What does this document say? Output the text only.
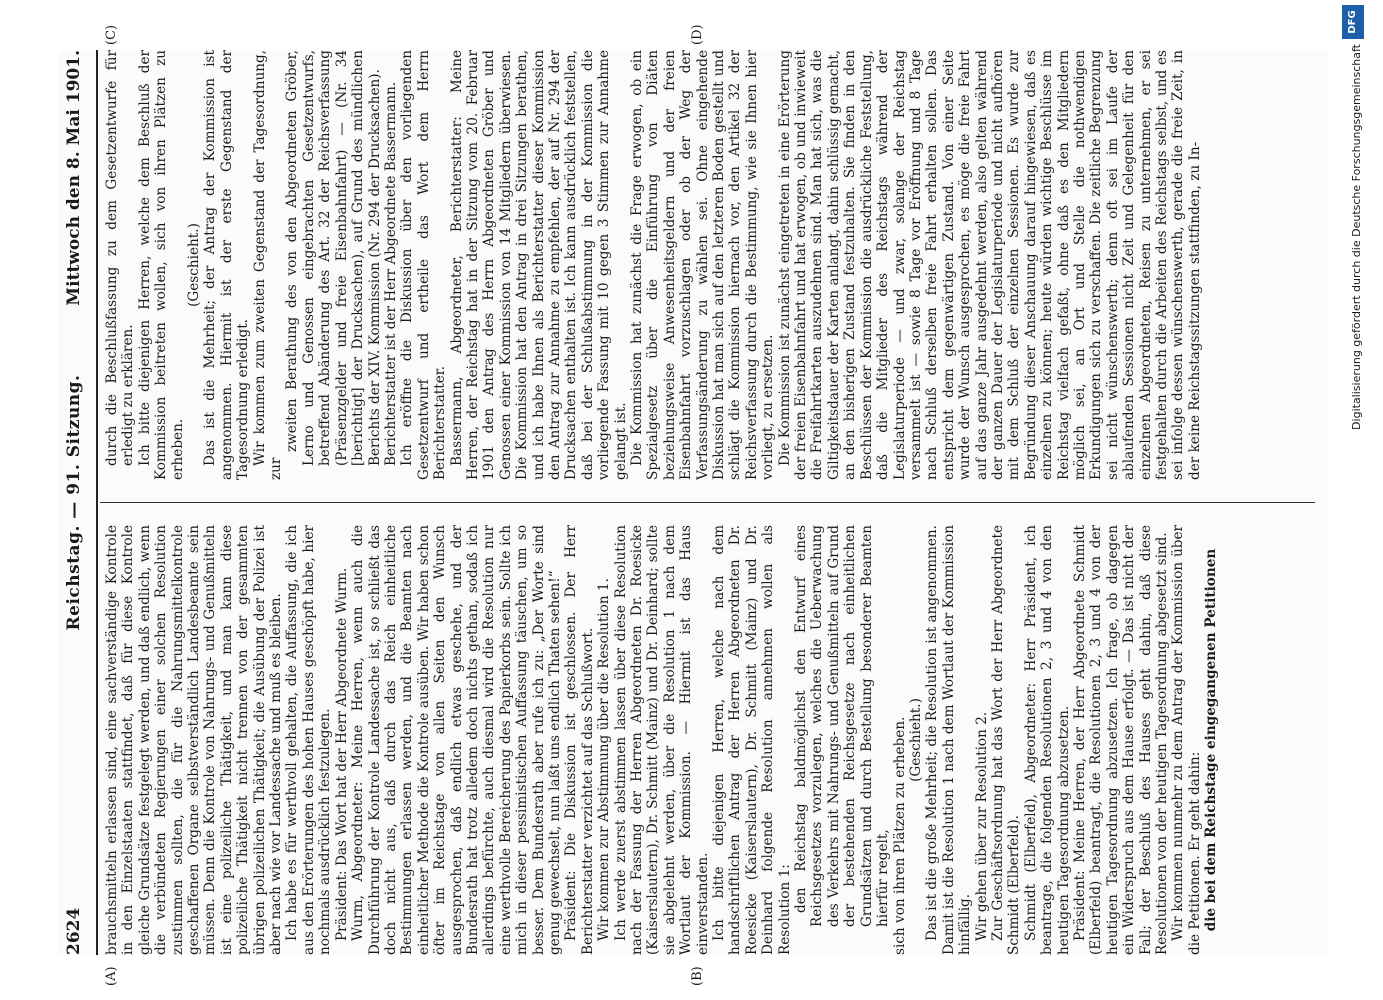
2624
Reichstag. — 91. Sitzung.
Mittwoch den 8. Mai 1901.

brauchsmitteln erlassen sind, eine sachverständige Kontrole in den Einzelstaaten stattfindet, daß für diese Kontrole gleiche Grundsätze festgelegt werden, und daß endlich, wenn die verbündeten Regierungen einer solchen Resolution zustimmen sollten, die für die Nahrungsmittelkontrole geschaffenen Organe selbstverständlich Landesbeamte sein müssen. Denn die Kontrole von Nahrungs- und Genußmitteln ist eine polizeiliche Thätigkeit, und man kann diese polizeiliche Thätigkeit nicht trennen von der gesammten übrigen polizeilichen Thätigkeit; die Ausübung der Polizei ist aber nach wie vor Landessache und muß es bleiben. Ich habe es für werthvoll gehalten, die Auffassung, die ich aus den Erörterungen des hohen Hauses geschöpft habe, hier nochmals ausdrücklich festzulegen. Präsident: Das Wort hat der Herr Abgeordnete Wurm. Wurm, Abgeordneter: Meine Herren, wenn auch die Durchführung der Kontrole Landessache ist, so schließt das doch nicht aus, daß durch das Reich einheitliche Bestimmungen erlassen werden, und die Beamten nach einheitlicher Methode die Kontrole ausüben. Wir haben schon öfter im Reichstage von allen Seiten den Wunsch ausgesprochen, daß endlich etwas geschehe, und der Bundesrath hat trotz alledem doch nichts gethan, sodaß ich allerdings befürchte, auch diesmal wird die Resolution nur eine werthvolle Bereicherung des Papierkorbs sein. Sollte ich mich in dieser pessimistischen Auffassung täuschen, um so besser. Dem Bundesrath aber rufe ich zu: „Der Worte sind genug gewechselt, nun laßt uns endlich Thaten sehen!“ Präsident: Die Diskussion ist geschlossen. Der Herr Berichterstatter verzichtet auf das Schlußwort. Wir kommen zur Abstimmung über die Resolution 1. Ich werde zuerst abstimmen lassen über diese Resolution nach der Fassung der Herren Abgeordneten Dr. Roesicke (Kaiserslautern), Dr. Schmitt (Mainz) und Dr. Deinhard; sollte sie abgelehnt werden, über die Resolution 1 nach dem Wortlaut der Kommission. — Hiermit ist das Haus einverstanden. Ich bitte diejenigen Herren, welche nach dem handschriftlichen Antrag der Herren Abgeordneten Dr. Roesicke (Kaiserslautern), Dr. Schmitt (Mainz) und Dr. Deinhard folgende Resolution annehmen wollen als Resolution 1: den Reichstag baldmöglichst den Entwurf eines Reichsgesetzes vorzulegen, welches die Ueberwachung des Verkehrs mit Nahrungs- und Genußmitteln auf Grund der bestehenden Reichsgesetze nach einheitlichen Grundsätzen und durch Bestellung besonderer Beamten hierfür regelt, sich von ihren Plätzen zu erheben. (Geschieht.) Das ist die große Mehrheit; die Resolution ist angenommen. Damit ist die Resolution 1 nach dem Wortlaut der Kommission hinfällig. Wir gehen über zur Resolution 2. Zur Geschäftsordnung hat das Wort der Herr Abgeordnete Schmidt (Elberfeld). Schmidt (Elberfeld), Abgeordneter: Herr Präsident, ich beantrage, die folgenden Resolutionen 2, 3 und 4 von den heutigen Tagesordnung abzusetzen. Präsident: Meine Herren, der Herr Abgeordnete Schmidt (Elberfeld) beantragt, die Resolutionen 2, 3 und 4 von der heutigen Tagesordnung abzusetzen. Ich frage, ob dagegen ein Widerspruch aus dem Hause erfolgt. — Das ist nicht der Fall; der Beschluß des Hauses geht dahin, daß diese Resolutionen von der heutigen Tagesordnung abgesetzt sind. Wir kommen nunmehr zu dem Antrag der Kommission über die Petitionen. Er geht dahin: die bei dem Reichstage eingegangenen Petitionen

durch die Beschlußfassung zu dem Gesetzentwurfe für erledigt zu erklären. Ich bitte diejenigen Herren, welche dem Beschluß der Kommission beitreten wollen, sich von ihren Plätzen zu erheben.

(Geschieht.) Das ist die Mehrheit; der Antrag der Kommission ist angenommen. Hiermit ist der erste Gegenstand der Tagesordnung erledigt. Wir kommen zum zweiten Gegenstand der Tagesordnung, zur

zweiten Berathung des von den Abgeordneten Gröber, Lerno und Genossen eingebrachten Gesetzentwurfs, betreffend Abänderung des Art. 32 der Reichsverfassung (Präsenzgelder und freie Eisenbahnfahrt) — (Nr. 34 [berichtigt] der Drucksachen), auf Grund des mündlichen Berichts der XIV. Kommission (Nr. 294 der Drucksachen). Berichterstatter ist der Herr Abgeordnete Bassermann. Ich eröffne die Diskussion über den vorliegenden Gesetzentwurf und ertheile das Wort dem Herrn Berichterstatter. Bassermann, Abgeordneter, Berichterstatter: Meine Herren, der Reichstag hat in der Sitzung vom 20. Februar 1901 den Antrag des Herrn Abgeordneten Gröber und Genossen einer Kommission von 14 Mitgliedern überwiesen. Die Kommission hat den Antrag in drei Sitzungen berathen, und ich habe Ihnen als Berichterstatter dieser Kommission den Antrag zur Annahme zu empfehlen, der auf Nr. 294 der Drucksachen enthalten ist. Ich kann ausdrücklich feststellen, daß bei der Schlußabstimmung in der Kommission die vorliegende Fassung mit 10 gegen 3 Stimmen zur Annahme gelangt ist. Die Kommission hat zunächst die Frage erwogen, ob ein Spezialgesetz über die Einführung von Diäten beziehungsweise Anwesenheitsgeldern und der freien Eisenbahnfahrt vorzuschlagen oder ob der Weg der Verfassungsänderung zu wählen sei. Ohne eingehende Diskussion hat man sich auf den letzteren Boden gestellt und schlägt die Kommission hiernach vor, den Artikel 32 der Reichsverfassung durch die Bestimmung, wie sie Ihnen hier vorliegt, zu ersetzen. Die Kommission ist zunächst eingetreten in eine Erörterung der freien Eisenbahnfahrt und hat erwogen, ob und inwieweit die Freifahrtkarten auszudehnen sind. Man hat sich, was die Giltigkeitsdauer der Karten anlangt, dahin schlüssig gemacht, an den bisherigen Zustand festzuhalten. Sie finden in den Beschlüssen der Kommission die ausdrückliche Feststellung, daß die Mitglieder des Reichstags während der Legislaturperiode — und zwar, solange der Reichstag versammelt ist — sowie 8 Tage vor Eröffnung und 8 Tage nach Schluß derselben freie Fahrt erhalten sollen. Das entspricht dem gegenwärtigen Zustand. Von einer Seite wurde der Wunsch ausgesprochen, es möge die freie Fahrt auf das ganze Jahr ausgedehnt werden, also gelten während der ganzen Dauer der Legislaturperiode und nicht aufhören mit dem Schluß der einzelnen Sessionen. Es wurde zur Begründung dieser Anschauung darauf hingewiesen, daß es einzelnen zu können; heute würden wichtige Beschlüsse im Reichstag vielfach gefaßt, ohne daß es den Mitgliedern möglich sei, an Ort und Stelle die nothwendigen Erkundigungen sich zu verschaffen. Die zeitliche Begrenzung sei nicht wünschenswerth; denn oft sei im Laufe der ablaufenden Sessionen nicht Zeit und Gelegenheit für den einzelnen Abgeordneten, Reisen zu unternehmen, er sei festgehalten durch die Arbeiten des Reichstags selbst, und es sei infolge dessen wünschenswerth, gerade die freie Zeit, in der keine Reichstagssitzungen stattfinden, zu In-

(A)	(B)
(C)	(D)
Digitalisierung gefördert durch die Deutsche Forschungsgemeinschaft
DFG
